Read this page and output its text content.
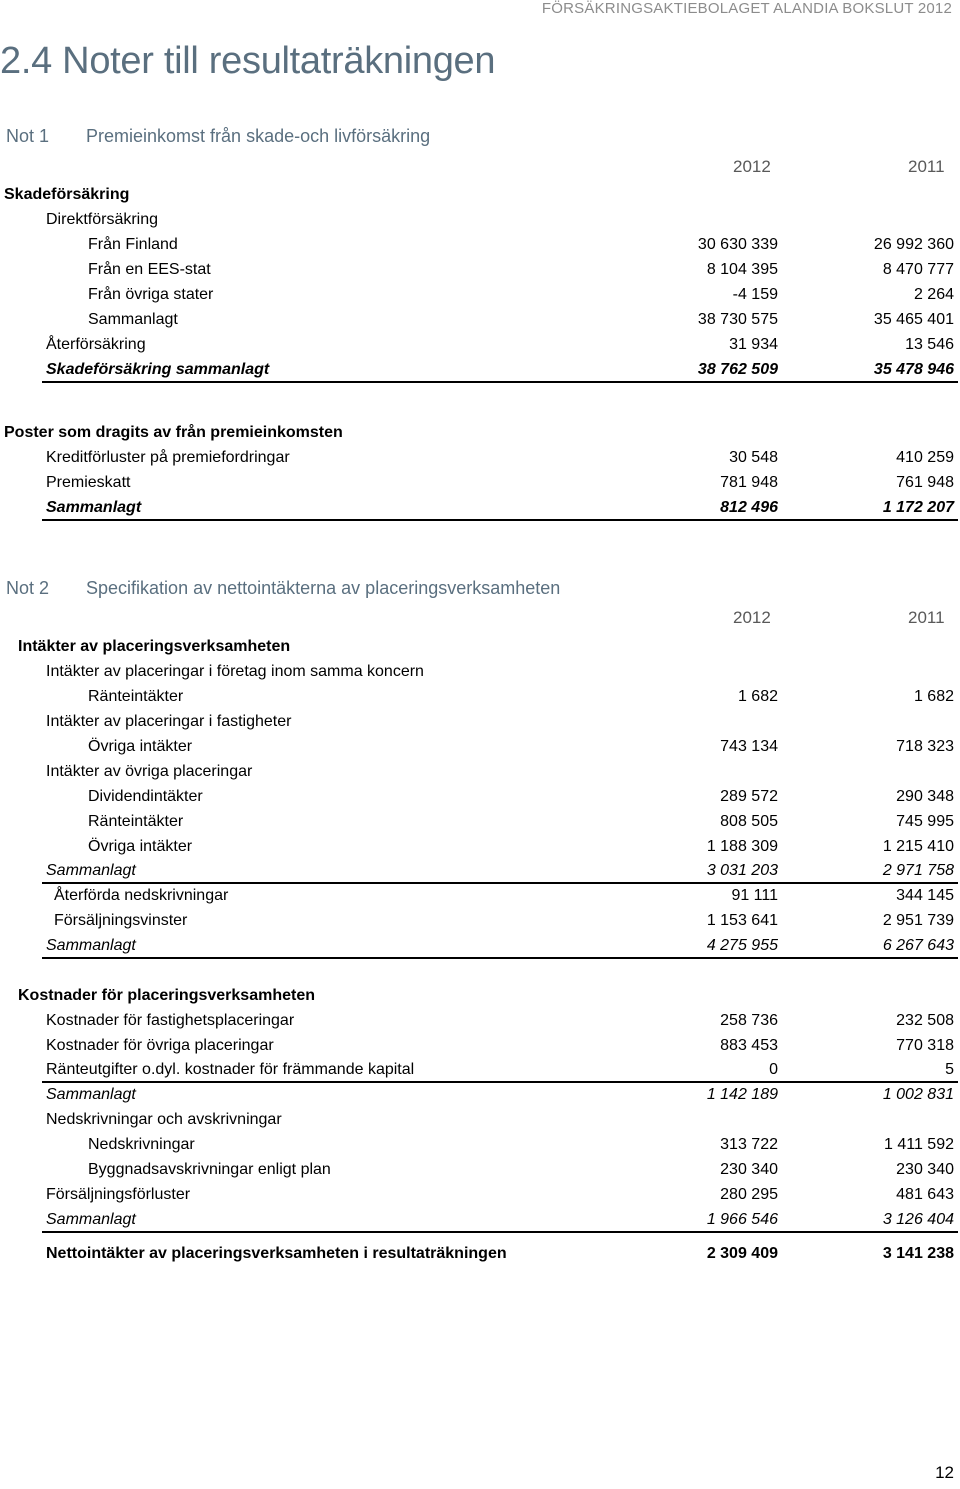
FÖRSÄKRINGSAKTIEBOLAGET ALANDIA BOKSLUT 2012
2.4 Noter till resultaträkningen
Not 1 Premieinkomst från skade-och livförsäkring
2012	2011
Skadeförsäkring
Direktförsäkring
Från Finland	30 630 339	26 992 360
Från en EES-stat	8 104 395	8 470 777
Från övriga stater	-4 159	2 264
Sammanlagt	38 730 575	35 465 401
Återförsäkring	31 934	13 546
Skadeförsäkring sammanlagt	38 762 509	35 478 946
Poster som dragits av från premieinkomsten
Kreditförluster på premiefordringar	30 548	410 259
Premieskatt	781 948	761 948
Sammanlagt	812 496	1 172 207
Not 2 Specifikation av nettointäkterna av placeringsverksamheten
2012	2011
Intäkter av placeringsverksamheten
Intäkter av placeringar i företag inom samma koncern
Ränteintäkter	1 682	1 682
Intäkter av placeringar i fastigheter
Övriga intäkter	743 134	718 323
Intäkter av övriga placeringar
Dividendintäkter	289 572	290 348
Ränteintäkter	808 505	745 995
Övriga intäkter	1 188 309	1 215 410
Sammanlagt	3 031 203	2 971 758
Återförda nedskrivningar	91 111	344 145
Försäljningsvinster	1 153 641	2 951 739
Sammanlagt	4 275 955	6 267 643
Kostnader för placeringsverksamheten
Kostnader för fastighetsplaceringar	258 736	232 508
Kostnader för övriga placeringar	883 453	770 318
Ränteutgifter o.dyl. kostnader för främmande kapital	0	5
Sammanlagt	1 142 189	1 002 831
Nedskrivningar och avskrivningar
Nedskrivningar	313 722	1 411 592
Byggnadsavskrivningar enligt plan	230 340	230 340
Försäljningsförluster	280 295	481 643
Sammanlagt	1 966 546	3 126 404
Nettointäkter av placeringsverksamheten i resultaträkningen	2 309 409	3 141 238
12
